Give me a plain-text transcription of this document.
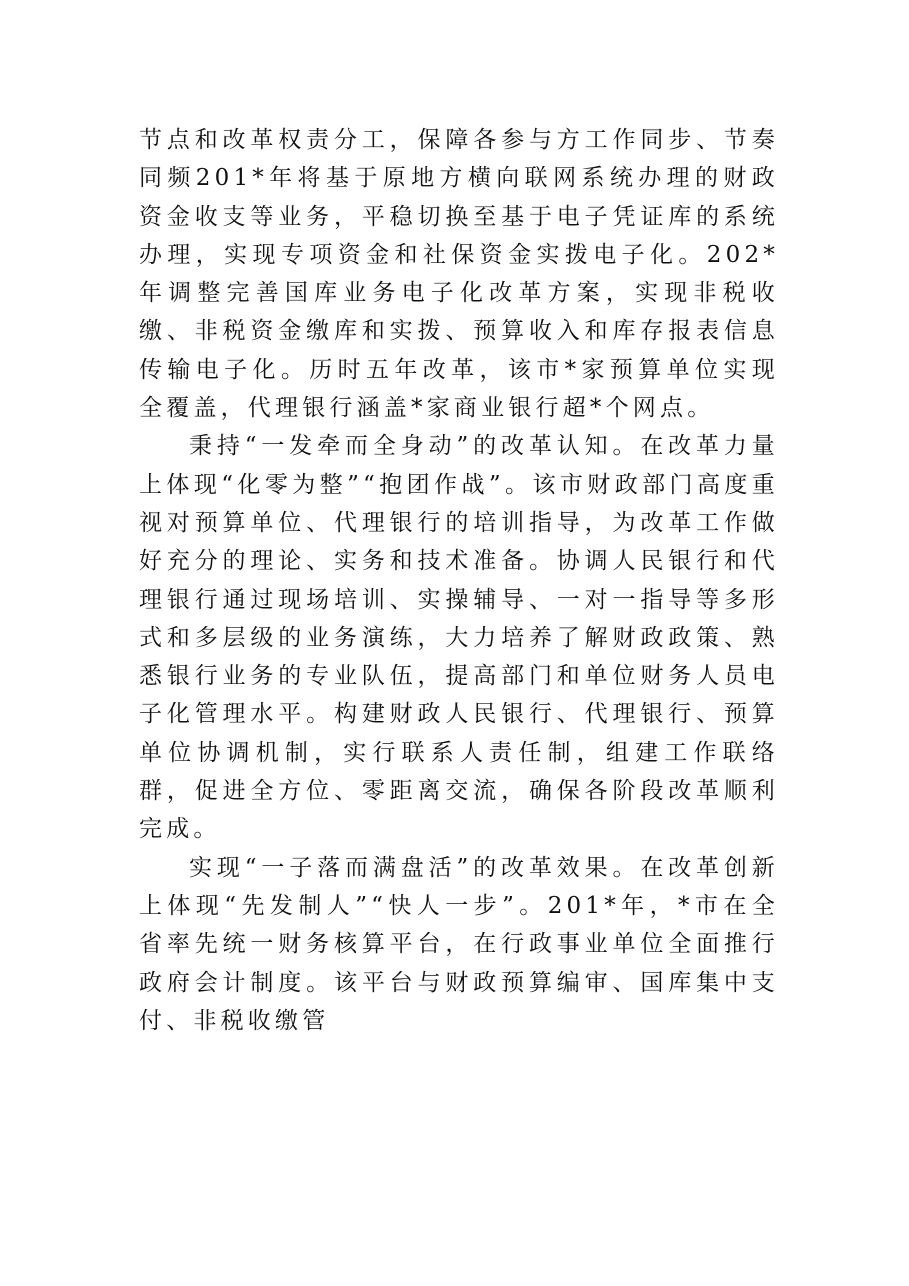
节点和改革权责分工，保障各参与方工作同步、节奏同频201*年将基于原地方横向联网系统办理的财政资金收支等业务，平稳切换至基于电子凭证库的系统办理，实现专项资金和社保资金实拨电子化。202*年调整完善国库业务电子化改革方案，实现非税收缴、非税资金缴库和实拨、预算收入和库存报表信息传输电子化。历时五年改革，该市*家预算单位实现全覆盖，代理银行涵盖*家商业银行超*个网点。

秉持“一发牵而全身动”的改革认知。在改革力量上体现“化零为整”“抱团作战”。该市财政部门高度重视对预算单位、代理银行的培训指导，为改革工作做好充分的理论、实务和技术准备。协调人民银行和代理银行通过现场培训、实操辅导、一对一指导等多形式和多层级的业务演练，大力培养了解财政政策、熟悉银行业务的专业队伍，提高部门和单位财务人员电子化管理水平。构建财政人民银行、代理银行、预算单位协调机制，实行联系人责任制，组建工作联络群，促进全方位、零距离交流，确保各阶段改革顺利完成。

实现“一子落而满盘活”的改革效果。在改革创新上体现“先发制人”“快人一步”。201*年，*市在全省率先统一财务核算平台，在行政事业单位全面推行政府会计制度。该平台与财政预算编审、国库集中支付、非税收缴管
